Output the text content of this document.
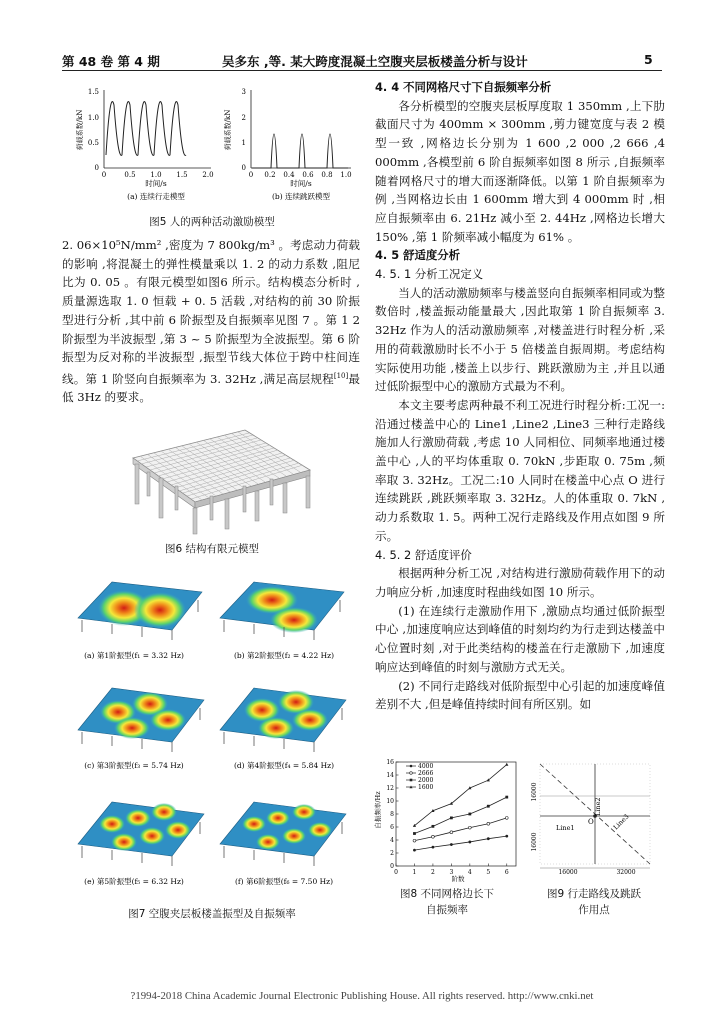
第 48 卷 第 4 期	吴多东 ,等. 某大跨度混凝土空腹夹层板楼盖分析与设计	5
1.5
1.0
0.5
0
0	0.5 1.0 1.5 2.0
荷载系数/kN
时间/s
(a) 连续行走模型
3
2
1
0
0 0.2 0.4 0.6 0.8 1.0
荷载系数/kN
时间/s
(b) 连续跳跃模型
图5 人的两种活动激励模型

2. 06×10⁵N/mm² ,密度为 7 800kg/m³ 。考虑动力荷载的影响 ,将混凝土的弹性模量乘以 1. 2 的动力系数 ,阻尼比为 0. 05 。有限元模型如图6 所示。结构模态分析时 ,质量源选取 1. 0 恒载 + 0. 5 活载 ,对结构的前 30 阶振型进行分析 ,其中前 6 阶振型及自振频率见图 7 。第 1 2 阶振型为半波振型 ,第 3 ~ 5 阶振型为全波振型。第 6 阶振型为反对称的半波振型 ,振型节线大体位于跨中柱间连线。第 1 阶竖向自振频率为 3. 32Hz ,满足高层规程[10]最低 3Hz 的要求。

图6 结构有限元模型
(a) 第1阶振型(f₁ = 3.32 Hz)	(b) 第2阶振型(f₂ = 4.22 Hz)
(c) 第3阶振型(f₃ = 5.74 Hz)	(d) 第4阶振型(f₄ = 5.84 Hz)
(e) 第5阶振型(f₅ = 6.32 Hz)	(f) 第6阶振型(f₆ = 7.50 Hz)
图7 空腹夹层板楼盖振型及自振频率

4. 4 不同网格尺寸下自振频率分析

各分析模型的空腹夹层板厚度取 1 350mm ,上下肋截面尺寸为 400mm × 300mm ,剪力键宽度与表 2 模型一致 ,网格边长分别为 1 600 ,2 000 ,2 666 ,4 000mm ,各模型前 6 阶自振频率如图 8 所示 ,自振频率随着网格尺寸的增大而逐渐降低。以第 1 阶自振频率为例 ,当网格边长由 1 600mm 增大到 4 000mm 时 ,相应自振频率由 6. 21Hz 减小至 2. 44Hz ,网格边长增大 150% ,第 1 阶频率减小幅度为 61% 。

4. 5 舒适度分析

4. 5. 1 分析工况定义

当人的活动激励频率与楼盖竖向自振频率相同或为整数倍时 ,楼盖振动能量最大 ,因此取第 1 阶自振频率 3. 32Hz 作为人的活动激励频率 ,对楼盖进行时程分析 ,采用的荷载激励时长不小于 5 倍楼盖自振周期。考虑结构实际使用功能 ,楼盖上以步行、跳跃激励为主 ,并且以通过低阶振型中心的激励方式最为不利。

本文主要考虑两种最不利工况进行时程分析:工况一:沿通过楼盖中心的 Line1 ,Line2 ,Line3 三种行走路线施加人行激励荷载 ,考虑 10 人同相位、同频率地通过楼盖中心 ,人的平均体重取 0. 70kN ,步距取 0. 75m ,频率取 3. 32Hz。工况二:10 人同时在楼盖中心点 O 进行连续跳跃 ,跳跃频率取 3. 32Hz。人的体重取 0. 7kN ,动力系数取 1. 5。两种工况行走路线及作用点如图 9 所示。

4. 5. 2 舒适度评价

根据两种分析工况 ,对结构进行激励荷载作用下的动力响应分析 ,加速度时程曲线如图 10 所示。

(1) 在连续行走激励作用下 ,激励点均通过低阶振型中心 ,加速度响应达到峰值的时刻均约为行走到达楼盖中心位置时刻 ,对于此类结构的楼盖在行走激励下 ,加速度响应达到峰值的时刻与激励方式无关。

(2) 不同行走路线对低阶振型中心引起的加速度峰值差别不大 ,但是峰值持续时间有所区别。如

0
2
4
6
8
10
12
14
16
0 1 2 3 4 5 6
自振频率/Hz
阶数
4000
2666
2000
1600
图8 不同网格边长下
自振频率
Line1
Line2
Line3
O
16000
16000
16000	32000
图9 行走路线及跳跃
作用点
?1994-2018 China Academic Journal Electronic Publishing House. All rights reserved. http://www.cnki.net
